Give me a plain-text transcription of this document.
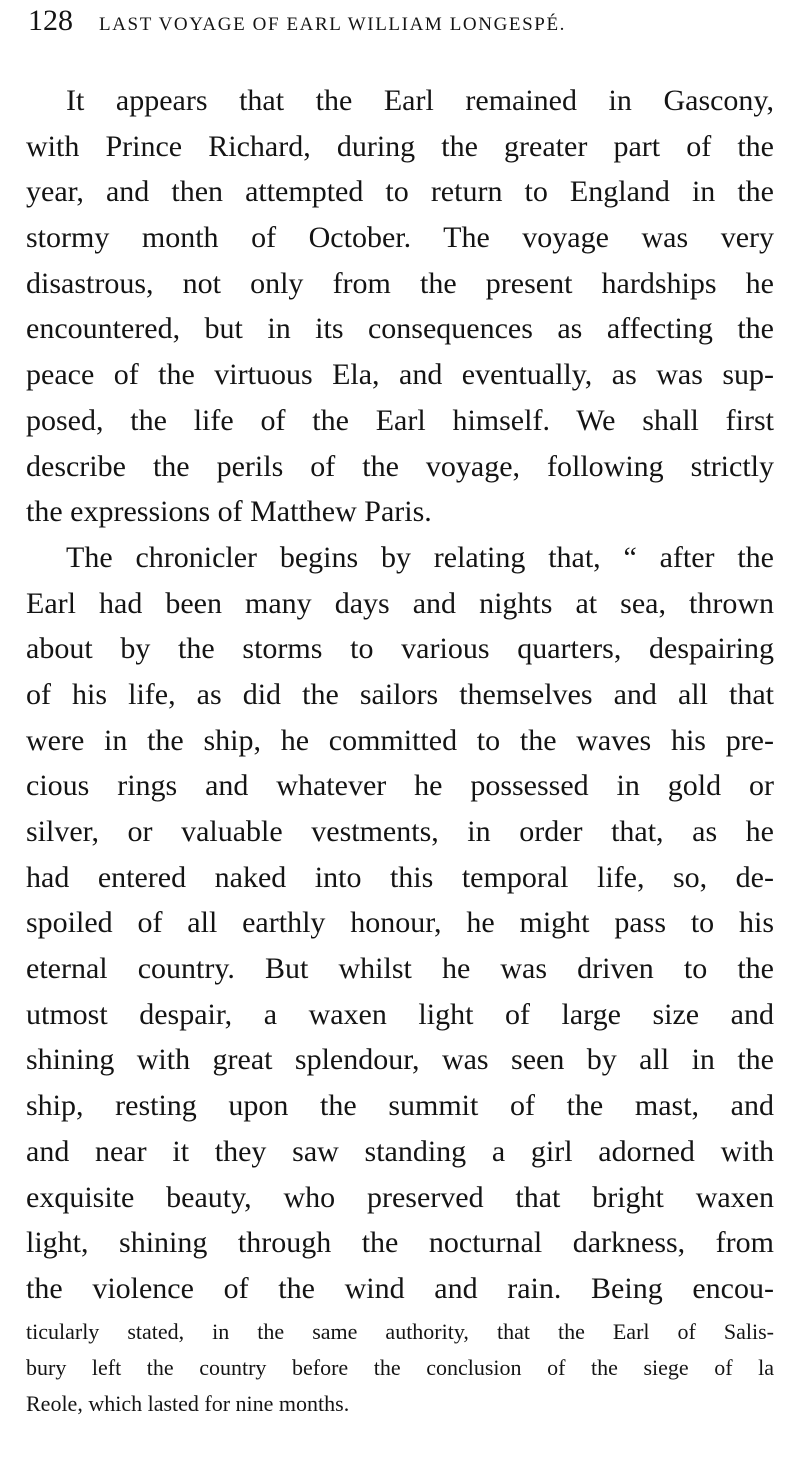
128 LAST VOYAGE OF EARL WILLIAM LONGESPÉ.
It appears that the Earl remained in Gascony,
with Prince Richard, during the greater part of the
year, and then attempted to return to England in the
stormy month of October. The voyage was very
disastrous, not only from the present hardships he
encountered, but in its consequences as affecting the
peace of the virtuous Ela, and eventually, as was sup-
posed, the life of the Earl himself. We shall first
describe the perils of the voyage, following strictly
the expressions of Matthew Paris.
The chronicler begins by relating that, “ after the
Earl had been many days and nights at sea, thrown
about by the storms to various quarters, despairing
of his life, as did the sailors themselves and all that
were in the ship, he committed to the waves his pre-
cious rings and whatever he possessed in gold or
silver, or valuable vestments, in order that, as he
had entered naked into this temporal life, so, de-
spoiled of all earthly honour, he might pass to his
eternal country. But whilst he was driven to the
utmost despair, a waxen light of large size and
shining with great splendour, was seen by all in the
ship, resting upon the summit of the mast, and
and near it they saw standing a girl adorned with
exquisite beauty, who preserved that bright waxen
light, shining through the nocturnal darkness, from
the violence of the wind and rain. Being encou-
ticularly stated, in the same authority, that the Earl of Salis-
bury left the country before the conclusion of the siege of la
Reole, which lasted for nine months.
